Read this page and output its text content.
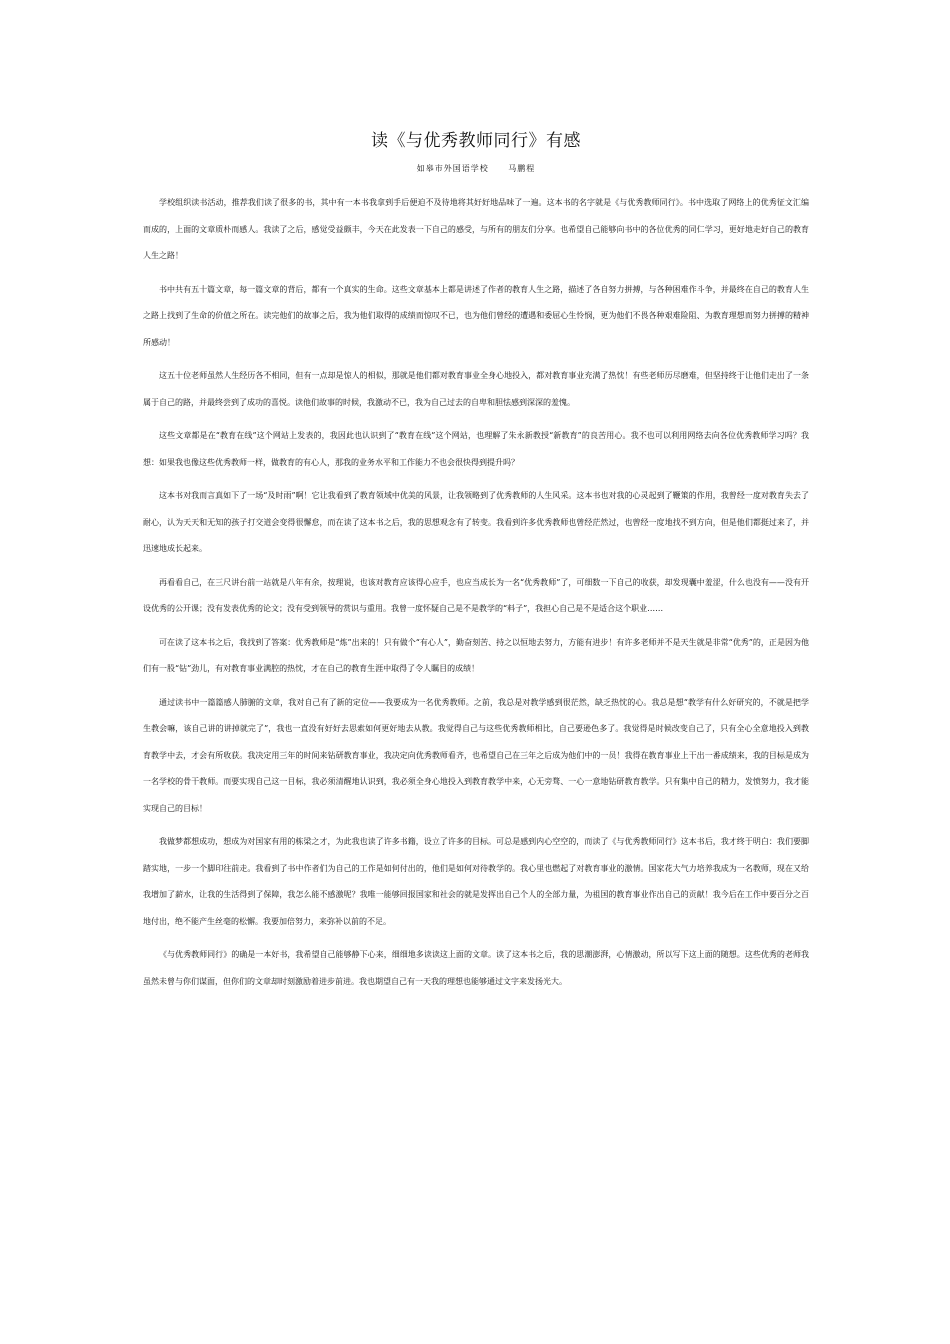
读《与优秀教师同行》有感
如皋市外国语学校 马鹏程

学校组织读书活动，推荐我们读了很多的书，其中有一本书我拿到手后便迫不及待地将其好好地品味了一遍。这本书的名字就是《与优秀教师同行》。书中选取了网络上的优秀征文汇编而成的，上面的文章质朴而感人。我读了之后，感觉受益颇丰，今天在此发表一下自己的感受，与所有的朋友们分享。也希望自己能够向书中的各位优秀的同仁学习，更好地走好自己的教育人生之路！

书中共有五十篇文章，每一篇文章的背后，都有一个真实的生命。这些文章基本上都是讲述了作者的教育人生之路，描述了各自努力拼搏，与各种困难作斗争，并最终在自己的教育人生之路上找到了生命的价值之所在。读完他们的故事之后，我为他们取得的成绩而惊叹不已，也为他们曾经的遭遇和委屈心生怜悯，更为他们不畏各种艰难险阻、为教育理想而努力拼搏的精神所感动！

这五十位老师虽然人生经历各不相同，但有一点却是惊人的相似，那就是他们都对教育事业全身心地投入，都对教育事业充满了热忱！有些老师历尽磨难，但坚持终于让他们走出了一条属于自己的路，并最终尝到了成功的喜悦。读他们故事的时候，我激动不已，我为自己过去的自卑和胆怯感到深深的羞愧。

这些文章都是在“教育在线”这个网站上发表的，我因此也认识到了“教育在线”这个网站，也理解了朱永新教授“新教育”的良苦用心。我不也可以利用网络去向各位优秀教师学习吗？我想：如果我也像这些优秀教师一样，做教育的有心人，那我的业务水平和工作能力不也会很快得到提升吗？

这本书对我而言真如下了一场“及时雨”啊！它让我看到了教育领域中优美的风景，让我领略到了优秀教师的人生风采。这本书也对我的心灵起到了鞭策的作用，我曾经一度对教育失去了耐心，认为天天和无知的孩子打交道会变得很懈怠，而在读了这本书之后，我的思想观念有了转变。我看到许多优秀教师也曾经茫然过，也曾经一度地找不到方向，但是他们都挺过来了，并迅速地成长起来。

再看看自己，在三尺讲台前一站就是八年有余，按理说，也该对教育应该得心应手，也应当成长为一名“优秀教师”了，可细数一下自己的收获，却发现囊中羞涩，什么也没有——没有开设优秀的公开课；没有发表优秀的论文；没有受到领导的赏识与重用。我曾一度怀疑自己是不是教学的“料子”，我担心自己是不是适合这个职业……

可在读了这本书之后，我找到了答案：优秀教师是“炼”出来的！只有做个“有心人”，勤奋刻苦、持之以恒地去努力，方能有进步！有许多老师并不是天生就是非常“优秀”的，正是因为他们有一股“钻”劲儿，有对教育事业满腔的热忱，才在自己的教育生涯中取得了令人瞩目的成绩！

通过读书中一篇篇感人肺腑的文章，我对自己有了新的定位——我要成为一名优秀教师。之前，我总是对教学感到很茫然，缺乏热忱的心。我总是想“教学有什么好研究的，不就是把学生教会嘛，该自己讲的讲掉就完了”，我也一直没有好好去思索如何更好地去从教。我觉得自己与这些优秀教师相比，自己要逊色多了。我觉得是时候改变自己了，只有全心全意地投入到教育教学中去，才会有所收获。我决定用三年的时间来钻研教育事业，我决定向优秀教师看齐，也希望自己在三年之后成为他们中的一员！我得在教育事业上干出一番成绩来，我的目标是成为一名学校的骨干教师。而要实现自己这一目标，我必须清醒地认识到，我必须全身心地投入到教育教学中来，心无旁骛、一心一意地钻研教育教学。只有集中自己的精力，发愤努力，我才能实现自己的目标！

我做梦都想成功，想成为对国家有用的栋梁之才，为此我也读了许多书籍，设立了许多的目标。可总是感到内心空空的，而读了《与优秀教师同行》这本书后，我才终于明白：我们要脚踏实地，一步一个脚印往前走。我看到了书中作者们为自己的工作是如何付出的，他们是如何对待教学的。我心里也燃起了对教育事业的激情。国家花大气力培养我成为一名教师，现在又给我增加了薪水，让我的生活得到了保障，我怎么能不感激呢？我唯一能够回报国家和社会的就是发挥出自己个人的全部力量，为祖国的教育事业作出自己的贡献！我今后在工作中要百分之百地付出，绝不能产生丝毫的松懈。我要加倍努力，来弥补以前的不足。

《与优秀教师同行》的确是一本好书，我希望自己能够静下心来，细细地多读读这上面的文章。读了这本书之后，我的思潮澎湃，心情激动，所以写下这上面的随想。这些优秀的老师我虽然未曾与你们谋面，但你们的文章却时刻激励着进步前进。我也期望自己有一天我的理想也能够通过文字来发扬光大。
